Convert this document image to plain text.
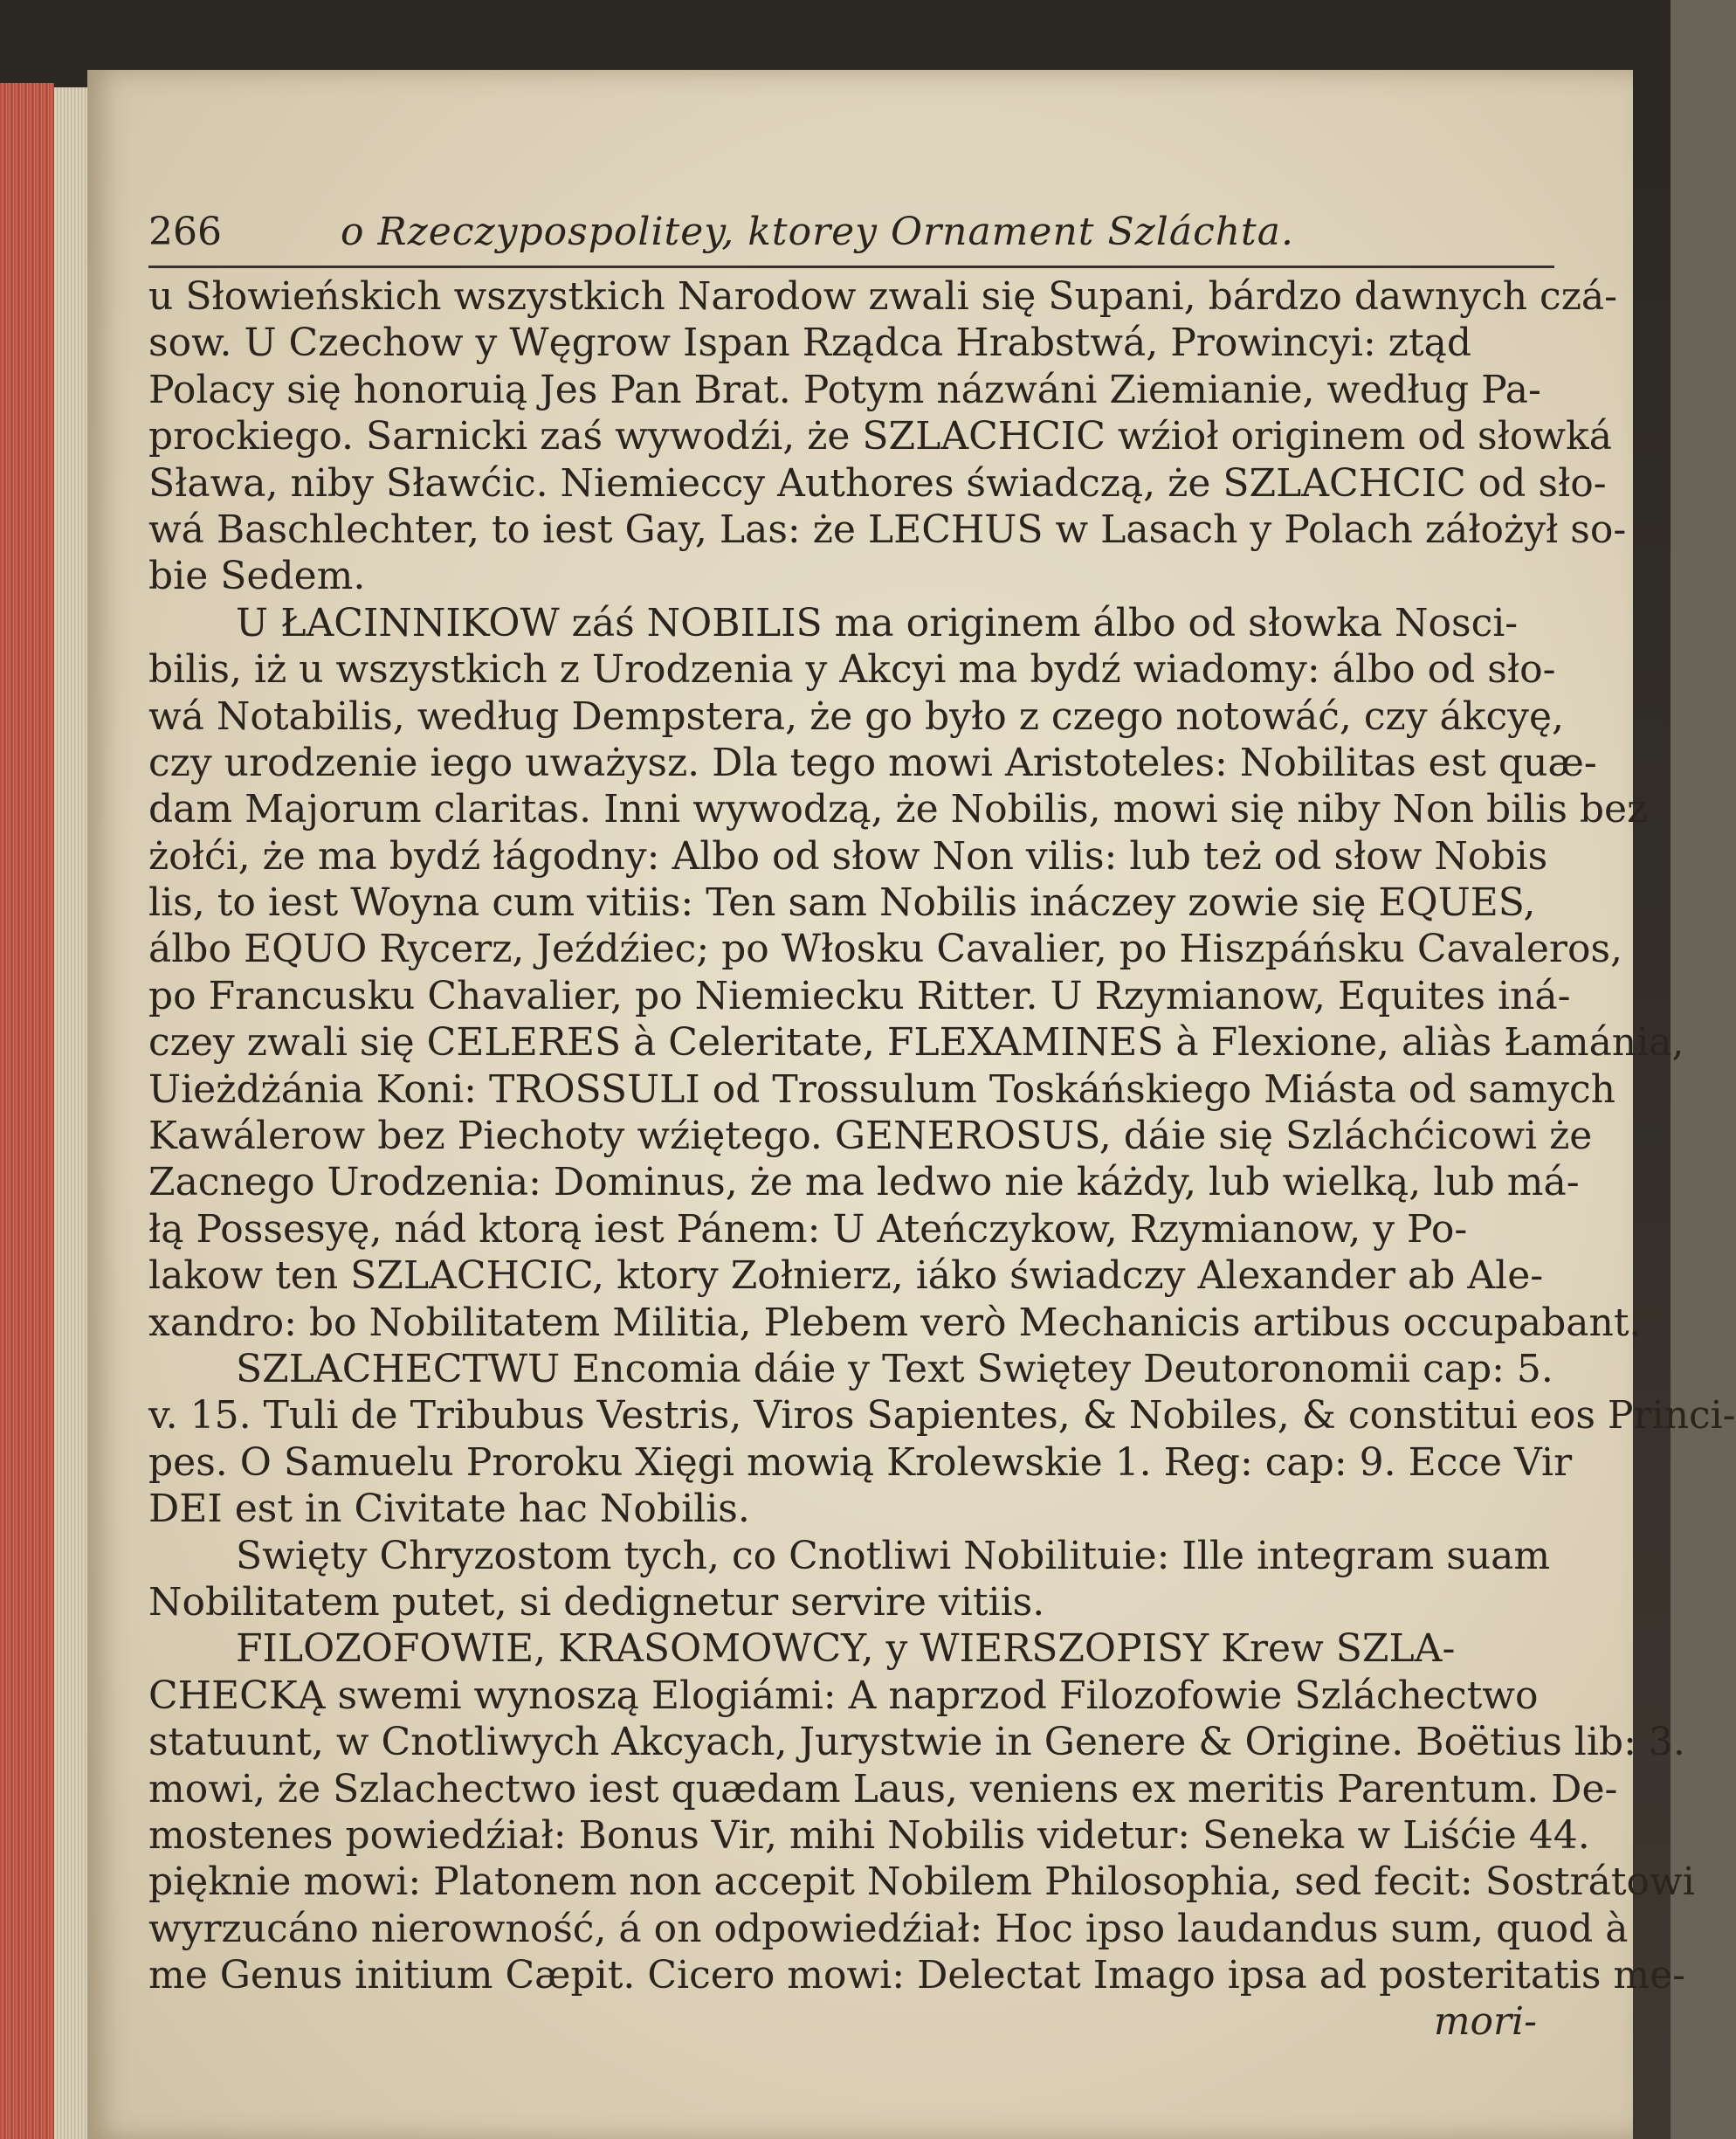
266	o Rzeczypospolitey, ktorey Ornament Szláchta.
u Słowieńskich wszystkich Narodow zwali się Supani, bárdzo dawnych czá-
sow. U Czechow y Węgrow Ispan Rządca Hrabstwá, Prowincyi: ztąd
Polacy się honoruią Jes Pan Brat. Potym názwáni Ziemianie, według Pa-
prockiego. Sarnicki zaś wywodźi, że SZLACHCIC wźioł originem od słowká
Sława, niby Sławćic. Niemieccy Authores świadczą, że SZLACHCIC od sło-
wá Baschlechter, to iest Gay, Las: że LECHUS w Lasach y Polach záłożył so-
bie Sedem.
U ŁACINNIKOW záś NOBILIS ma originem álbo od słowka Nosci-
bilis, iż u wszystkich z Urodzenia y Akcyi ma bydź wiadomy: álbo od sło-
wá Notabilis, według Dempstera, że go było z czego notowáć, czy ákcyę,
czy urodzenie iego uważysz. Dla tego mowi Aristoteles: Nobilitas est quæ-
dam Majorum claritas. Inni wywodzą, że Nobilis, mowi się niby Non bilis bez
żołći, że ma bydź łágodny: Albo od słow Non vilis: lub też od słow Nobis
lis, to iest Woyna cum vitiis: Ten sam Nobilis ináczey zowie się EQUES,
álbo EQUO Rycerz, Jeźdźiec; po Włosku Cavalier, po Hiszpáńsku Cavaleros,
po Francusku Chavalier, po Niemiecku Ritter. U Rzymianow, Equites iná-
czey zwali się CELERES à Celeritate, FLEXAMINES à Flexione, aliàs Łamánia,
Uieżdżánia Koni: TROSSULI od Trossulum Toskáńskiego Miástа od samych
Kawálerow bez Piechoty wźiętego. GENEROSUS, dáie się Szláchćicowi że
Zacnego Urodzenia: Dominus, że ma ledwo nie káżdy, lub wielką, lub má-
łą Possesyę, nád ktorą iest Pánem: U Ateńczykow, Rzymianow, y Po-
lakow ten SZLACHCIC, ktory Zołnierz, iáko świadczy Alexander ab Ale-
xandro: bo Nobilitatem Militia, Plebem verò Mechanicis artibus occupabant.
SZLACHECTWU Encomia dáie y Text Swiętey Deutoronomii cap: 5.
v. 15. Tuli de Tribubus Vestris, Viros Sapientes, & Nobiles, & constitui eos Princi-
pes. O Samuelu Proroku Xięgi mowią Krolewskie 1. Reg: cap: 9. Ecce Vir
DEI est in Civitate hac Nobilis.
Swięty Chryzostom tych, co Cnotliwi Nobilituie: Ille integram suam
Nobilitatem putet, si dedignetur servire vitiis.
FILOZOFOWIE, KRASOMOWCY, y WIERSZOPISY Krew SZLA-
CHECKĄ swemi wynoszą Elogiámi: A naprzod Filozofowie Szláchectwo
statuunt, w Cnotliwych Akcyach, Jurystwie in Genere & Origine. Boëtius lib: 3.
mowi, że Szlachectwo iest quædam Laus, veniens ex meritis Parentum. De-
mostenes powiedźiał: Bonus Vir, mihi Nobilis videtur: Seneka w Liśćie 44.
pięknie mowi: Platonem non accepit Nobilem Philosophia, sed fecit: Sostrátowi
wyrzucáno nierowność, á on odpowiedźiał: Hoc ipso laudandus sum, quod à
me Genus initium Cæpit. Cicero mowi: Delectat Imago ipsa ad posteritatis me-
mori-
